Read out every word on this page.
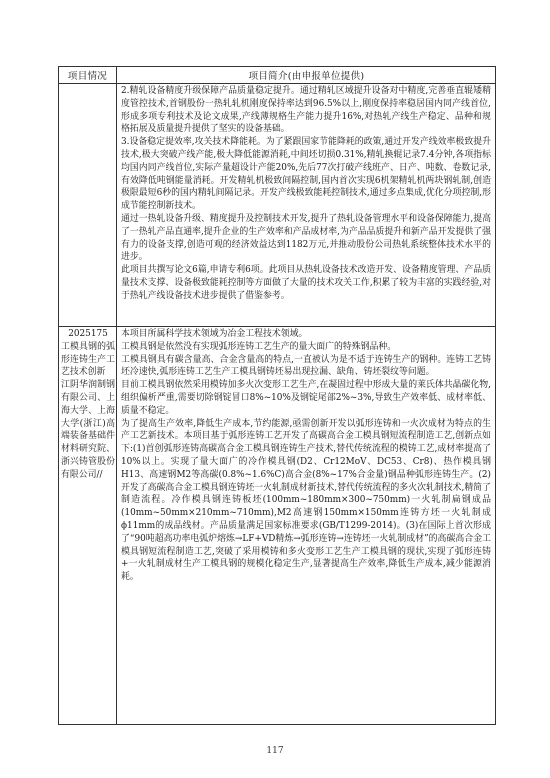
项目情况	项目简介(由申报单位提供)

2.精轧设备精度升级保障产品质量稳定提升。通过精轧区域提升设备对中精度,完善垂直辊矮精度管控技术,首钢股份一热轧轧机刚度保持率达到96.5%以上,刚度保持率稳居国内同产线首位,形成多项专利技术及论文成果,产线薄规格生产能力提升16%,对热轧产线生产稳定、品种和规格拓展及质量提升提供了坚实的设备基础。

3.设备稳定提效率,攻关技术降能耗。为了紧跟国家节能降耗的政策,通过开发产线效率极致提升技术,极大突破产线产能,极大降低能源消耗,中间坯切损0.31%,精轧换辊记录7.4分钟,各项指标均国内同产线首位,实际产量超设计产能20%,先后77次打破产线班产、日产、吨数、卷数记录,有效降低吨钢能量消耗。开发精轧机极致间隔控制,国内首次实现6机架精轧机两块钢轧制,创造极限最短6秒的国内精轧间隔记录。开发产线极致能耗控制技术,通过多点集成,优化分项控制,形成节能控制新技术。

通过一热轧设备升级、精度提升及控制技术开发,提升了热轧设备管理水平和设备保障能力,提高了一热轧产品直通率,提升企业的生产效率和产品成材率,为产品品质提升和新产品开发提供了强有力的设备支撑,创造可观的经济效益达到1182万元,并推动股份公司热轧系统整体技术水平的进步。

此项目共撰写论文6篇,申请专利6项。此项目从热轧设备技术改造开发、设备精度管理、产品质量技术支撑、设备极致能耗控制等方面做了大量的技术攻关工作,积累了较为丰富的实践经验,对于热轧产线设备技术进步提供了借鉴参考。

2025175
工模具钢的弧形连铸生产工艺技术创新
江阴华润制钢有限公司、上海大学、上海大学(浙江)高端装备基础件材料研究院、浙兴铸管股份有限公司//

本项目所属科学技术领域为冶金工程技术领域。

工模具钢是依然没有实现弧形连铸工艺生产的量大面广的特殊钢品种。

工模具钢具有碳含量高、合金含量高的特点,一直被认为是不适于连铸生产的钢种。连铸工艺铸坯冷速快,弧形连铸工艺生产工模具钢铸坯易出现拉漏、缺角、铸坯裂纹等问题。

目前工模具钢依然采用模铸加多火次变形工艺生产,在凝固过程中形成大量的莱氏体共晶碳化物,组织偏析严重,需要切除钢锭冒口8%~10%及钢锭尾部2%~3%,导致生产效率低、成材率低、质量不稳定。

为了提高生产效率,降低生产成本,节约能源,亟需创新开发以弧形连铸和一火次成材为特点的生产工艺新技术。本项目基于弧形连铸工艺开发了高碳高合金工模具钢短流程制造工艺,创新点如下:(1)首创弧形连铸高碳高合金工模具钢连铸生产技术,替代传统流程的模铸工艺,成材率提高了10%以上。实现了量大面广的冷作模具钢(D2、Cr12MoV、DC53、Cr8)、热作模具钢H13、高速钢M2等高碳(0.8%~1.6%C)高合金(8%~17%合金量)钢品种弧形连铸生产。(2)开发了高碳高合金工模具钢连铸坯一火轧制成材新技术,替代传统流程的多火次轧制技术,精简了制造流程。冷作模具钢连铸板坯(100mm~180mm×300~750mm)一火轧制扁钢成品(10mm~50mm×210mm~710mm),M2高速钢150mm×150mm连铸方坯一火轧制成ϕ11mm的成品线材。产品质量满足国家标准要求(GB/T1299-2014)。(3)在国际上首次形成了“90吨超高功率电弧炉熔炼→LF+VD精炼→弧形连铸→连铸坯一火轧制成材”的高碳高合金工模具钢短流程制造工艺,突破了采用模铸和多火变形工艺生产工模具钢的现状,实现了弧形连铸+一火轧制成材生产工模具钢的规模化稳定生产,显著提高生产效率,降低生产成本,减少能源消耗。

117
